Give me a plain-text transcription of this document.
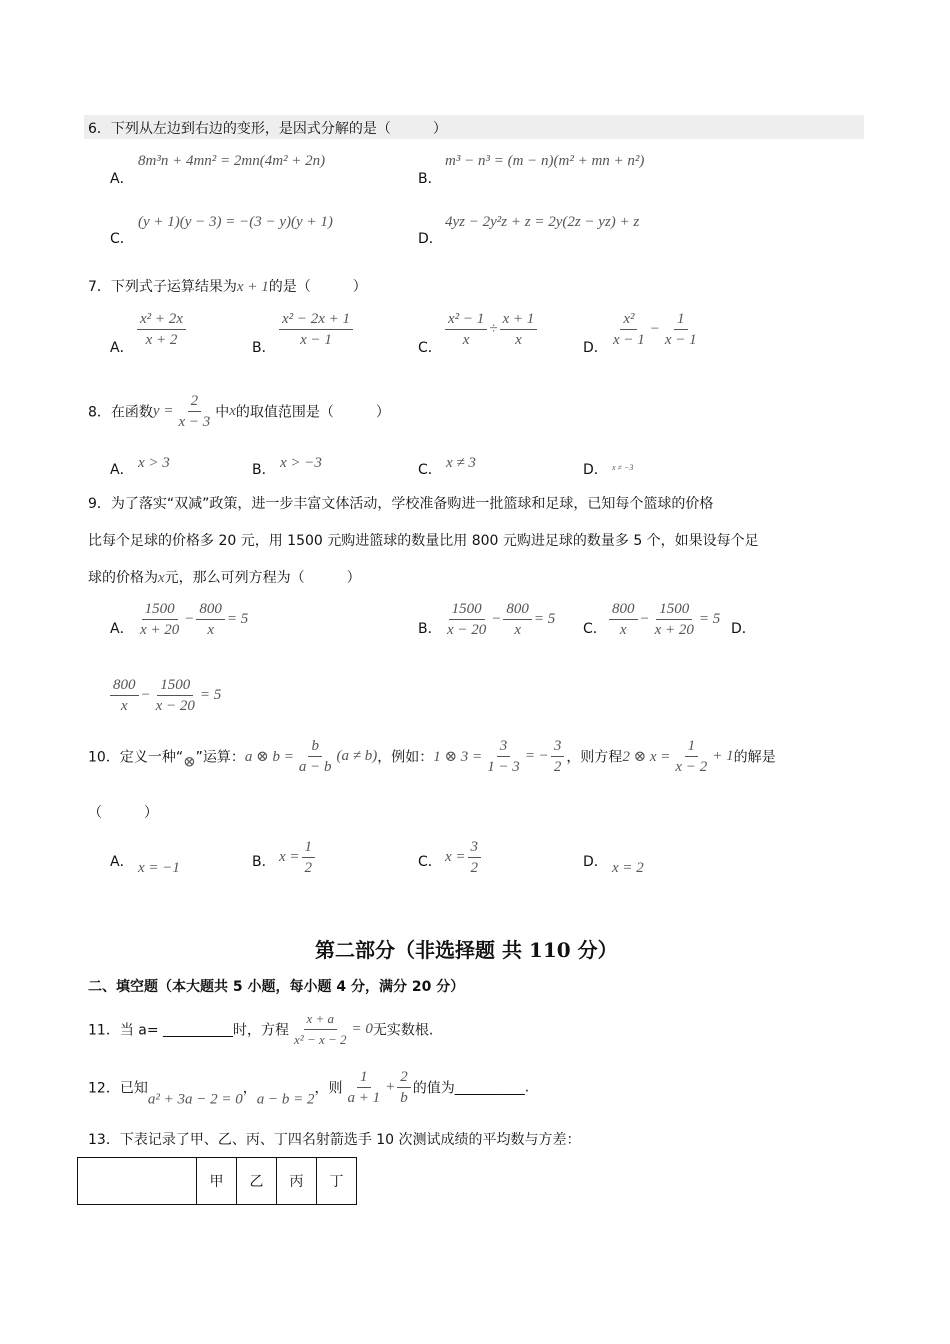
6．下列从左边到右边的变形，是因式分解的是（　　　）
A．
8m³n + 4mn² = 2mn(4m² + 2n)
B．
m³ − n³ = (m − n)(m² + mn + n²)
C．
(y + 1)(y − 3) = −(3 − y)(y + 1)
D．
4yz − 2y²z + z = 2y(2z − yz) + z
7．下列式子运算结果为x + 1的是（　　　）
A． $\frac{\text{x² + 2x}}{x + 2}$	B． $\frac{\text{x² − 2x + 1}}{x - 1}$	C． $\frac{\text{x² − 1}}{x} \div \frac{x + 1}{x}$	D． $\frac{\text{x²}}{x - 1} - \frac{1}{x - 1}$
8．在函数$y = \frac{2}{x - 3}$ 中x的取值范围是（　　　）
A． x > 3	B． x > −3	C． x ≠ 3	D． x ≠ −3
9．为了落实“双减”政策，进一步丰富文体活动，学校准备购进一批篮球和足球，已知每个篮球的价格
比每个足球的价格多 20 元，用 1500 元购进篮球的数量比用 800 元购进足球的数量多 5 个，如果设每个足
球的价格为x元，那么可列方程为（　　　）
A． $\frac{1500}{x + 20} - \frac{800}{x} = 5$
B． $\frac{1500}{x - 20} - \frac{800}{x} = 5$
C． $\frac{800}{x} - \frac{1500}{x + 20} = 5$
D．
$\frac{800}{x} - \frac{1500}{x - 20} = 5$
10．定义一种“⊗”运算：a ⊗ $b = \frac{b}{a - b} (a \ne b)$，例如：1 ⊗ $3 = \frac{3}{1 - 3}$ = − $\frac{3}{2}$ ，则方程2 ⊗ $x = \frac{1}{x - 2} + 1$的解是
（　　　）
A． x = −1	B． $x = \frac{1}{2}$	C． $x = \frac{3}{2}$	D． x = 2
第二部分（非选择题 共 110 分）
二、填空题（本大题共 5 小题，每小题 4 分，满分 20 分）
11．当 a= __________时，方程 $\frac{x + a}{\text{x² − x − 2}} = 0$无实数根.
12．已知a² + 3a − 2 = 0，a − b = 2，则 $\frac{1}{a + 1} + \frac{2}{b}$ 的值为__________.
13．下表记录了甲、乙、丙、丁四名射箭选手 10 次测试成绩的平均数与方差：
	甲	乙	丙	丁
